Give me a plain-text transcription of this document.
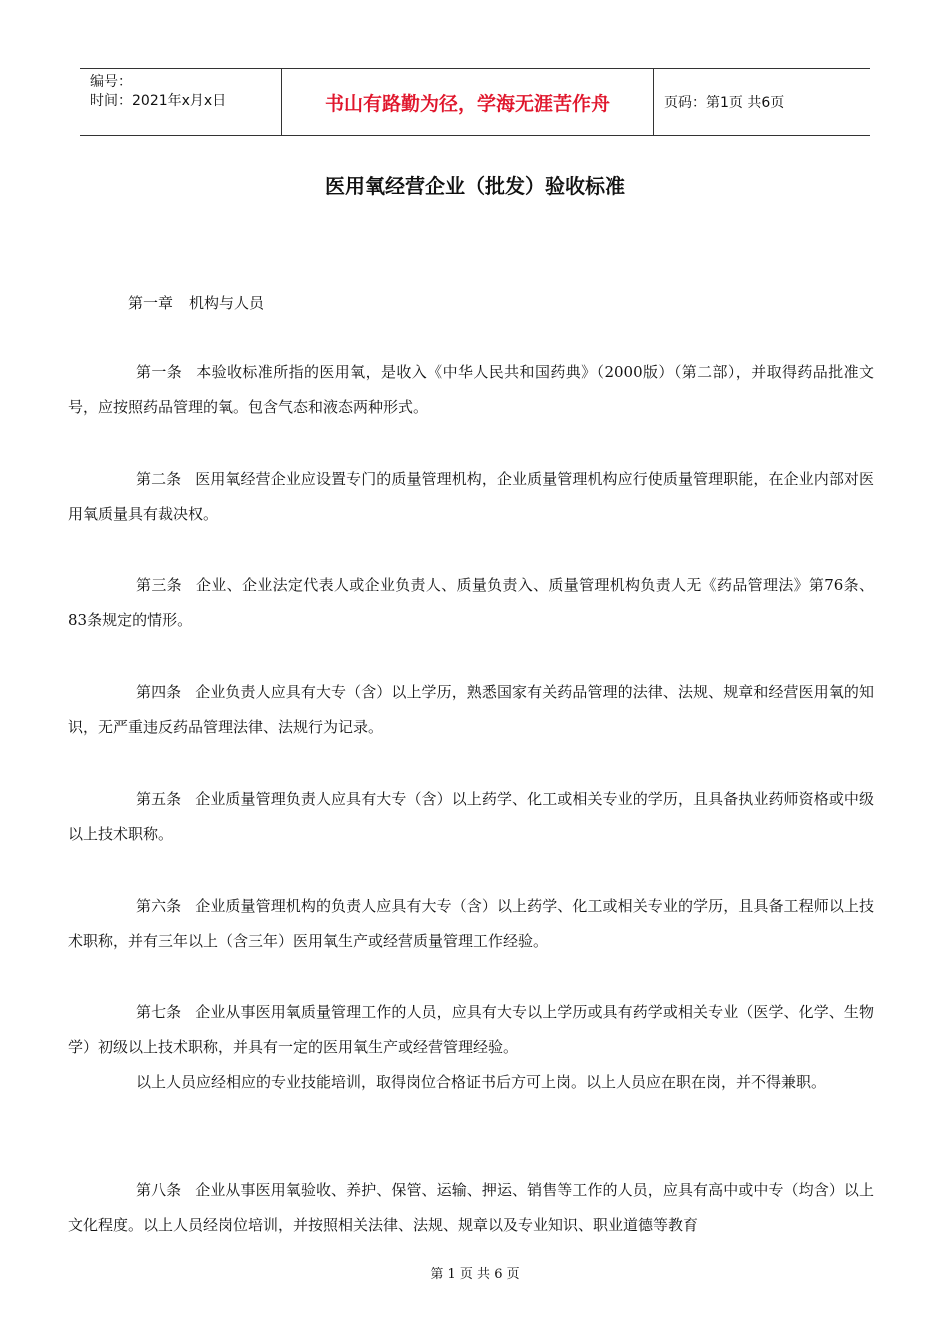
编号：
时间：2021年x月x日	书山有路勤为径，学海无涯苦作舟	页码：第1页 共6页
医用氧经营企业（批发）验收标准
第一章 机构与人员

第一条 本验收标准所指的医用氧，是收入《中华人民共和国药典》（2000版）（第二部），并取得药品批准文号，应按照药品管理的氧。包含气态和液态两种形式。

第二条 医用氧经营企业应设置专门的质量管理机构，企业质量管理机构应行使质量管理职能，在企业内部对医用氧质量具有裁决权。

第三条 企业、企业法定代表人或企业负责人、质量负责入、质量管理机构负责人无《药品管理法》第76条、83条规定的情形。

第四条 企业负责人应具有大专（含）以上学历，熟悉国家有关药品管理的法律、法规、规章和经营医用氧的知识，无严重违反药品管理法律、法规行为记录。

第五条 企业质量管理负责人应具有大专（含）以上药学、化工或相关专业的学历，且具备执业药师资格或中级以上技术职称。

第六条 企业质量管理机构的负责人应具有大专（含）以上药学、化工或相关专业的学历，且具备工程师以上技术职称，并有三年以上（含三年）医用氧生产或经营质量管理工作经验。

第七条 企业从事医用氧质量管理工作的人员，应具有大专以上学历或具有药学或相关专业（医学、化学、生物学）初级以上技术职称，并具有一定的医用氧生产或经营管理经验。

以上人员应经相应的专业技能培训，取得岗位合格证书后方可上岗。以上人员应在职在岗，并不得兼职。

第八条 企业从事医用氧验收、养护、保管、运输、押运、销售等工作的人员，应具有高中或中专（均含）以上文化程度。以上人员经岗位培训，并按照相关法律、法规、规章以及专业知识、职业道德等教育

第 1 页 共 6 页
